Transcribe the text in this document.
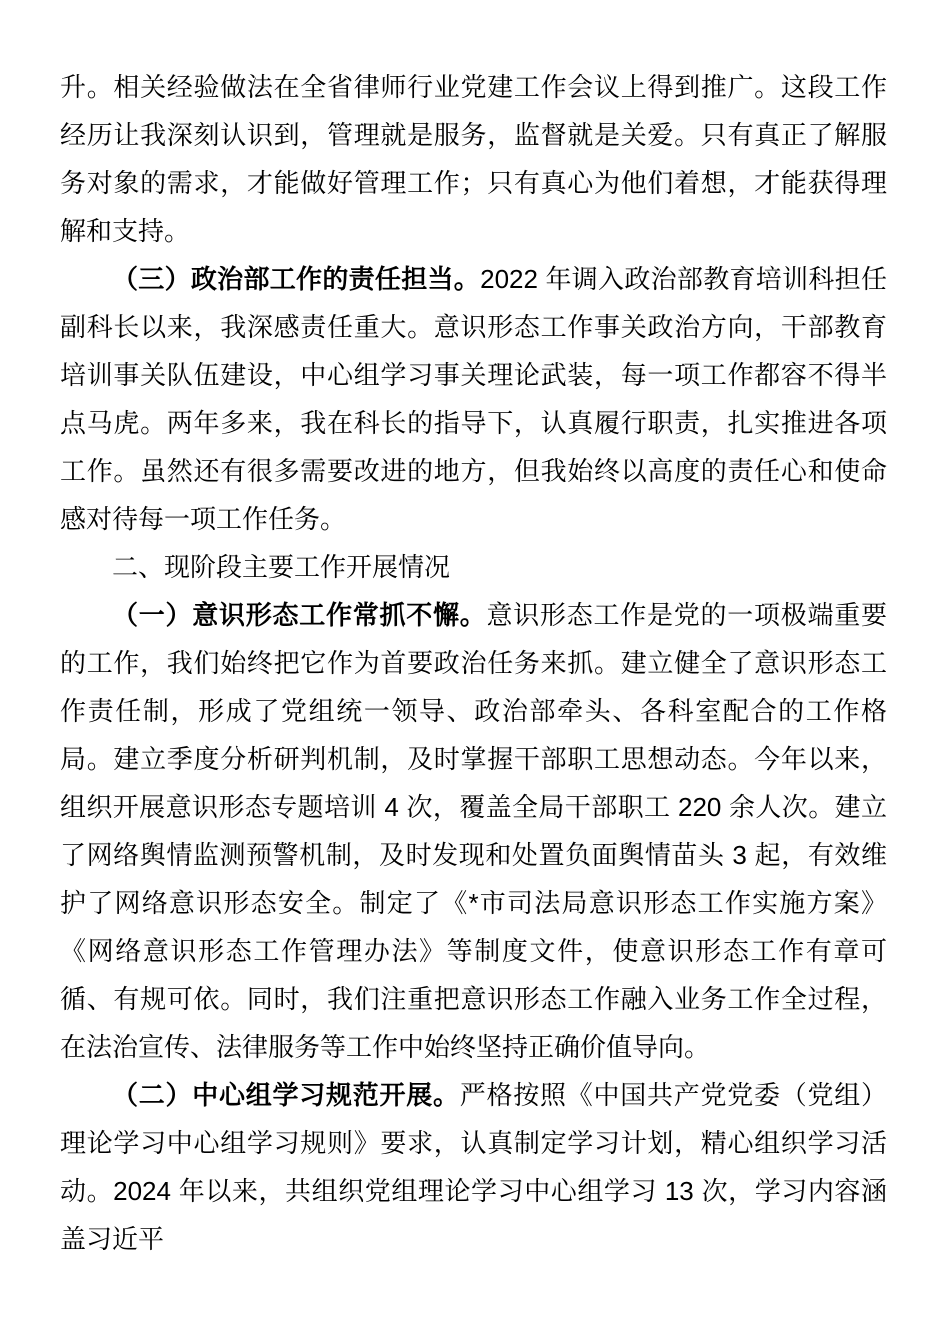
升。相关经验做法在全省律师行业党建工作会议上得到推广。这段工作经历让我深刻认识到，管理就是服务，监督就是关爱。只有真正了解服务对象的需求，才能做好管理工作；只有真心为他们着想，才能获得理解和支持。

（三）政治部工作的责任担当。2022 年调入政治部教育培训科担任副科长以来，我深感责任重大。意识形态工作事关政治方向，干部教育培训事关队伍建设，中心组学习事关理论武装，每一项工作都容不得半点马虎。两年多来，我在科长的指导下，认真履行职责，扎实推进各项工作。虽然还有很多需要改进的地方，但我始终以高度的责任心和使命感对待每一项工作任务。

二、现阶段主要工作开展情况

（一）意识形态工作常抓不懈。意识形态工作是党的一项极端重要的工作，我们始终把它作为首要政治任务来抓。建立健全了意识形态工作责任制，形成了党组统一领导、政治部牵头、各科室配合的工作格局。建立季度分析研判机制，及时掌握干部职工思想动态。今年以来，组织开展意识形态专题培训 4 次，覆盖全局干部职工 220 余人次。建立了网络舆情监测预警机制，及时发现和处置负面舆情苗头 3 起，有效维护了网络意识形态安全。制定了《*市司法局意识形态工作实施方案》《网络意识形态工作管理办法》等制度文件，使意识形态工作有章可循、有规可依。同时，我们注重把意识形态工作融入业务工作全过程，在法治宣传、法律服务等工作中始终坚持正确价值导向。

（二）中心组学习规范开展。严格按照《中国共产党党委（党组）理论学习中心组学习规则》要求，认真制定学习计划，精心组织学习活动。2024 年以来，共组织党组理论学习中心组学习 13 次，学习内容涵盖习近平
